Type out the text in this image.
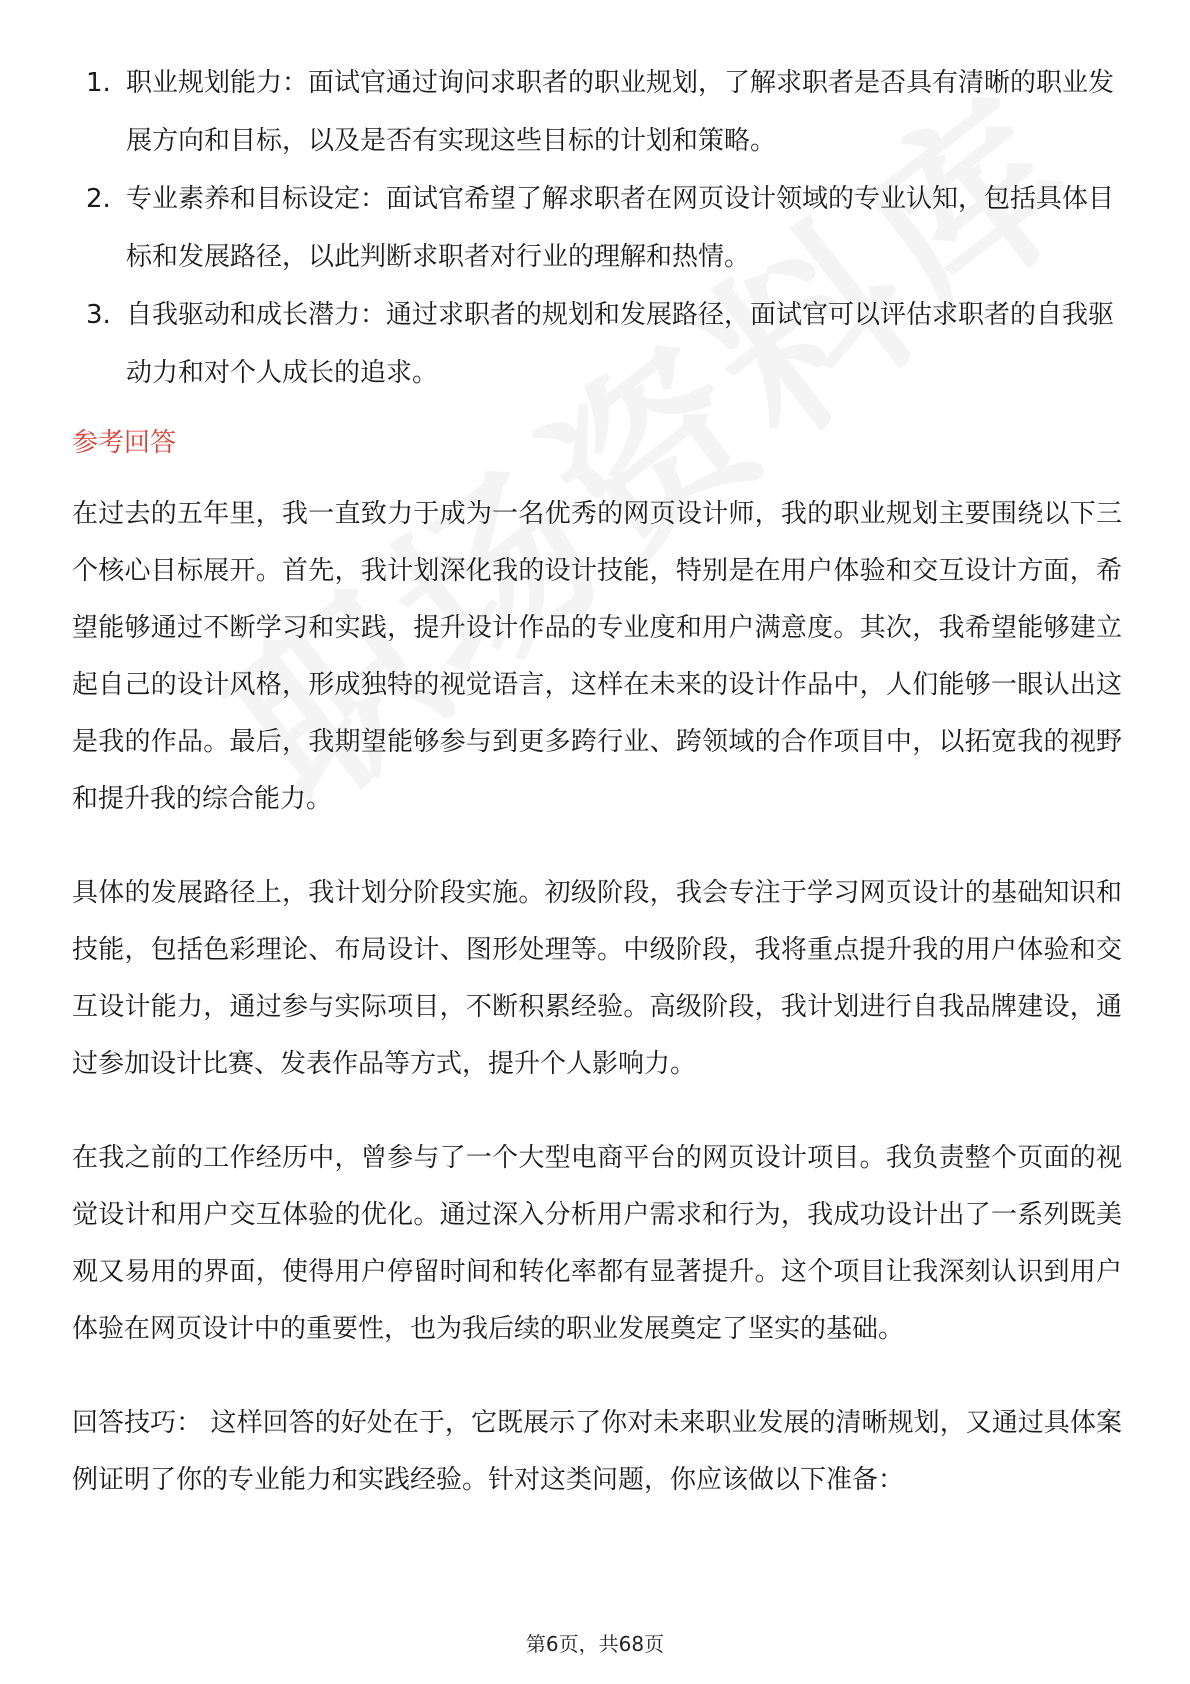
1. 职业规划能力：面试官通过询问求职者的职业规划，了解求职者是否具有清晰的职业发展方向和目标，以及是否有实现这些目标的计划和策略。
2. 专业素养和目标设定：面试官希望了解求职者在网页设计领域的专业认知，包括具体目标和发展路径，以此判断求职者对行业的理解和热情。
3. 自我驱动和成长潜力：通过求职者的规划和发展路径，面试官可以评估求职者的自我驱动力和对个人成长的追求。
参考回答

在过去的五年里，我一直致力于成为一名优秀的网页设计师，我的职业规划主要围绕以下三个核心目标展开。首先，我计划深化我的设计技能，特别是在用户体验和交互设计方面，希望能够通过不断学习和实践，提升设计作品的专业度和用户满意度。其次，我希望能够建立起自己的设计风格，形成独特的视觉语言，这样在未来的设计作品中，人们能够一眼认出这是我的作品。最后，我期望能够参与到更多跨行业、跨领域的合作项目中，以拓宽我的视野和提升我的综合能力。

具体的发展路径上，我计划分阶段实施。初级阶段，我会专注于学习网页设计的基础知识和技能，包括色彩理论、布局设计、图形处理等。中级阶段，我将重点提升我的用户体验和交互设计能力，通过参与实际项目，不断积累经验。高级阶段，我计划进行自我品牌建设，通过参加设计比赛、发表作品等方式，提升个人影响力。

在我之前的工作经历中，曾参与了一个大型电商平台的网页设计项目。我负责整个页面的视觉设计和用户交互体验的优化。通过深入分析用户需求和行为，我成功设计出了一系列既美观又易用的界面，使得用户停留时间和转化率都有显著提升。这个项目让我深刻认识到用户体验在网页设计中的重要性，也为我后续的职业发展奠定了坚实的基础。

回答技巧： 这样回答的好处在于，它既展示了你对未来职业发展的清晰规划，又通过具体案例证明了你的专业能力和实践经验。针对这类问题，你应该做以下准备：

第6页，共68页
